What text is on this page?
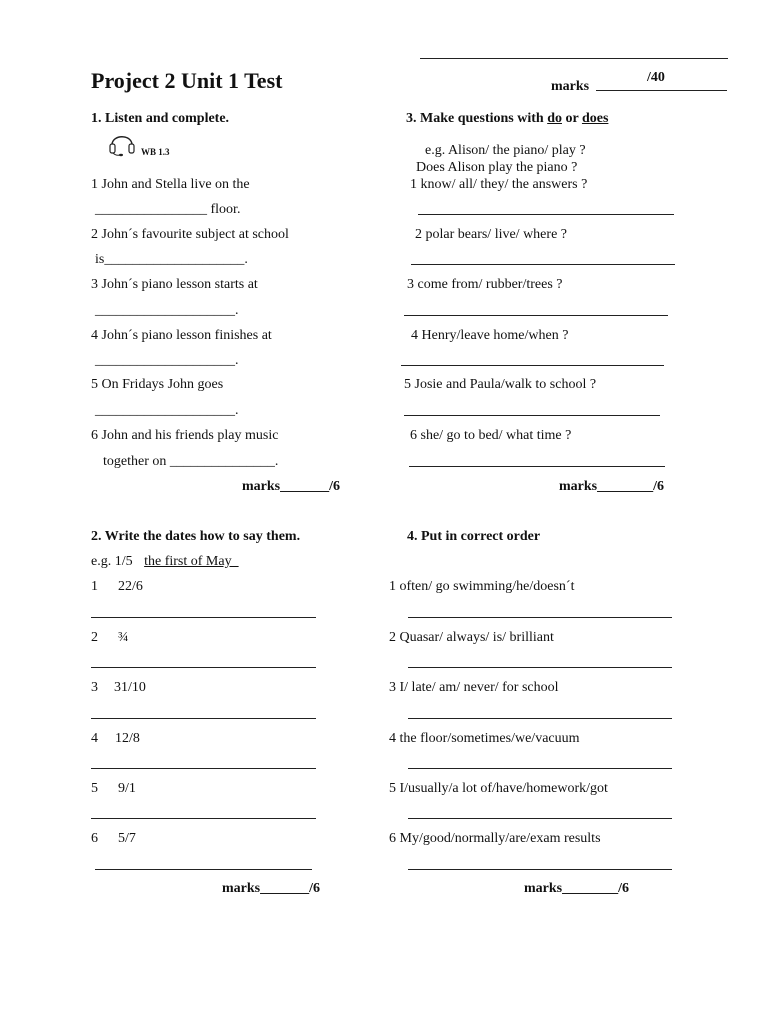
Project 2 Unit 1 Test	/40
marks
1. Listen and complete.
WB 1.3
1 John and Stella live on the
________________ floor.
2 John´s favourite subject at school
is____________________.
3 John´s piano lesson starts at
____________________.
4 John´s piano lesson finishes at
____________________.
5 On Fridays John goes
____________________.
6 John and his friends play music
together on _______________.
marks_______/6
3. Make questions with do or does
e.g. Alison/ the piano/ play ?
Does Alison play the piano ?
1 know/ all/ they/ the answers ?
2 polar bears/ live/ where ?
3 come from/ rubber/trees ?
4 Henry/leave home/when ?
5 Josie and Paula/walk to school ?
6 she/ go to bed/ what time ?
marks________/6
2. Write the dates how to say them.
e.g. 1/5 the first of May
1 22/6
2 ¾
3 31/10
4 12/8
5 9/1
6 5/7
marks_______/6
4. Put in correct order
1 often/ go swimming/he/doesn´t
2 Quasar/ always/ is/ brilliant
3 I/ late/ am/ never/ for school
4 the floor/sometimes/we/vacuum
5 I/usually/a lot of/have/homework/got
6 My/good/normally/are/exam results
marks________/6
